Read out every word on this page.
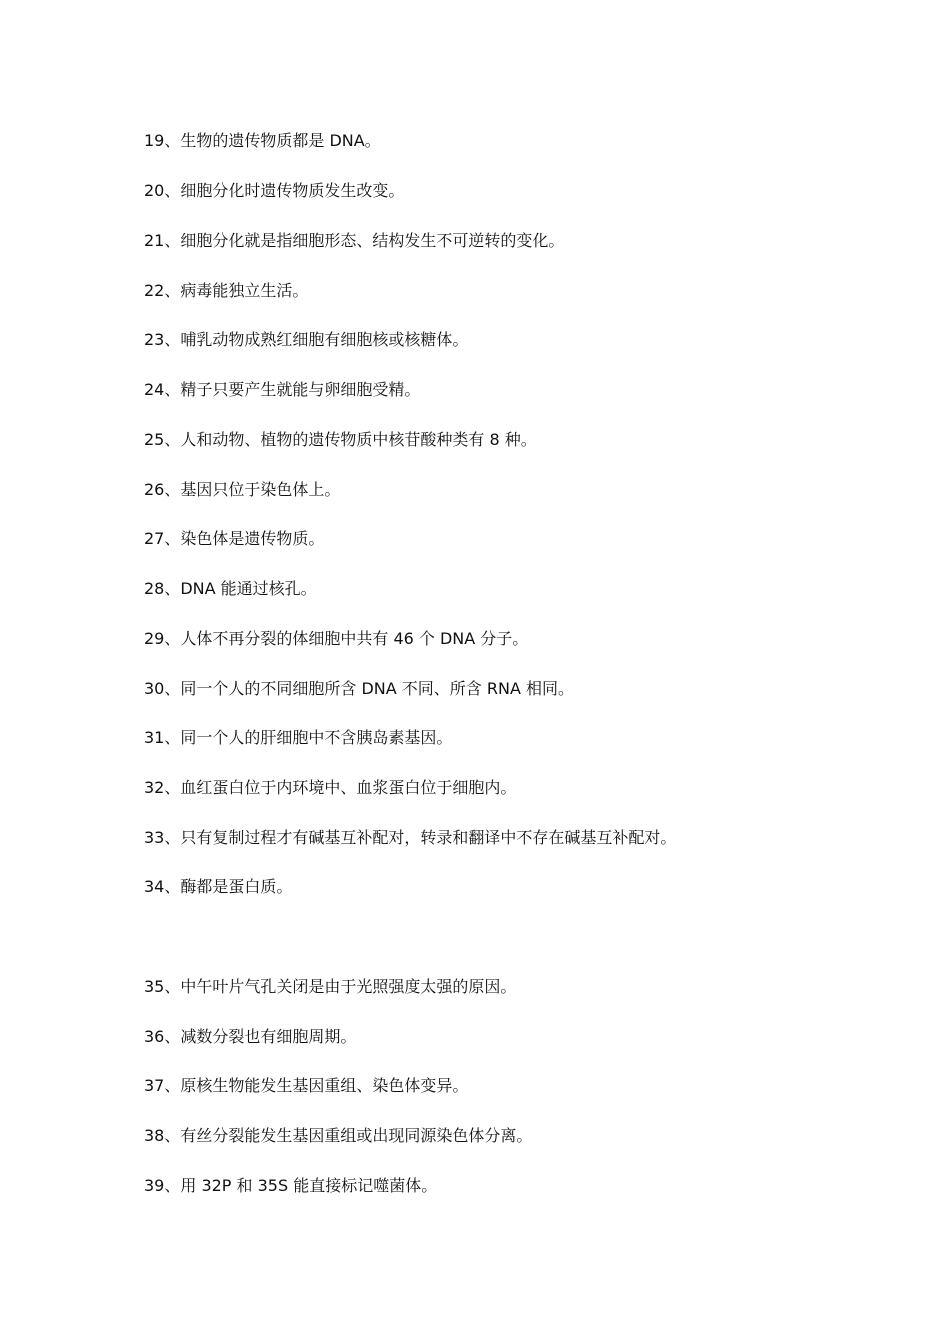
19、生物的遗传物质都是 DNA。
20、细胞分化时遗传物质发生改变。
21、细胞分化就是指细胞形态、结构发生不可逆转的变化。
22、病毒能独立生活。
23、哺乳动物成熟红细胞有细胞核或核糖体。
24、精子只要产生就能与卵细胞受精。
25、人和动物、植物的遗传物质中核苷酸种类有 8 种。
26、基因只位于染色体上。
27、染色体是遗传物质。
28、DNA 能通过核孔。
29、人体不再分裂的体细胞中共有 46 个 DNA 分子。
30、同一个人的不同细胞所含 DNA 不同、所含 RNA 相同。
31、同一个人的肝细胞中不含胰岛素基因。
32、血红蛋白位于内环境中、血浆蛋白位于细胞内。
33、只有复制过程才有碱基互补配对，转录和翻译中不存在碱基互补配对。
34、酶都是蛋白质。
35、中午叶片气孔关闭是由于光照强度太强的原因。
36、减数分裂也有细胞周期。
37、原核生物能发生基因重组、染色体变异。
38、有丝分裂能发生基因重组或出现同源染色体分离。
39、用 32P 和 35S 能直接标记噬菌体。
